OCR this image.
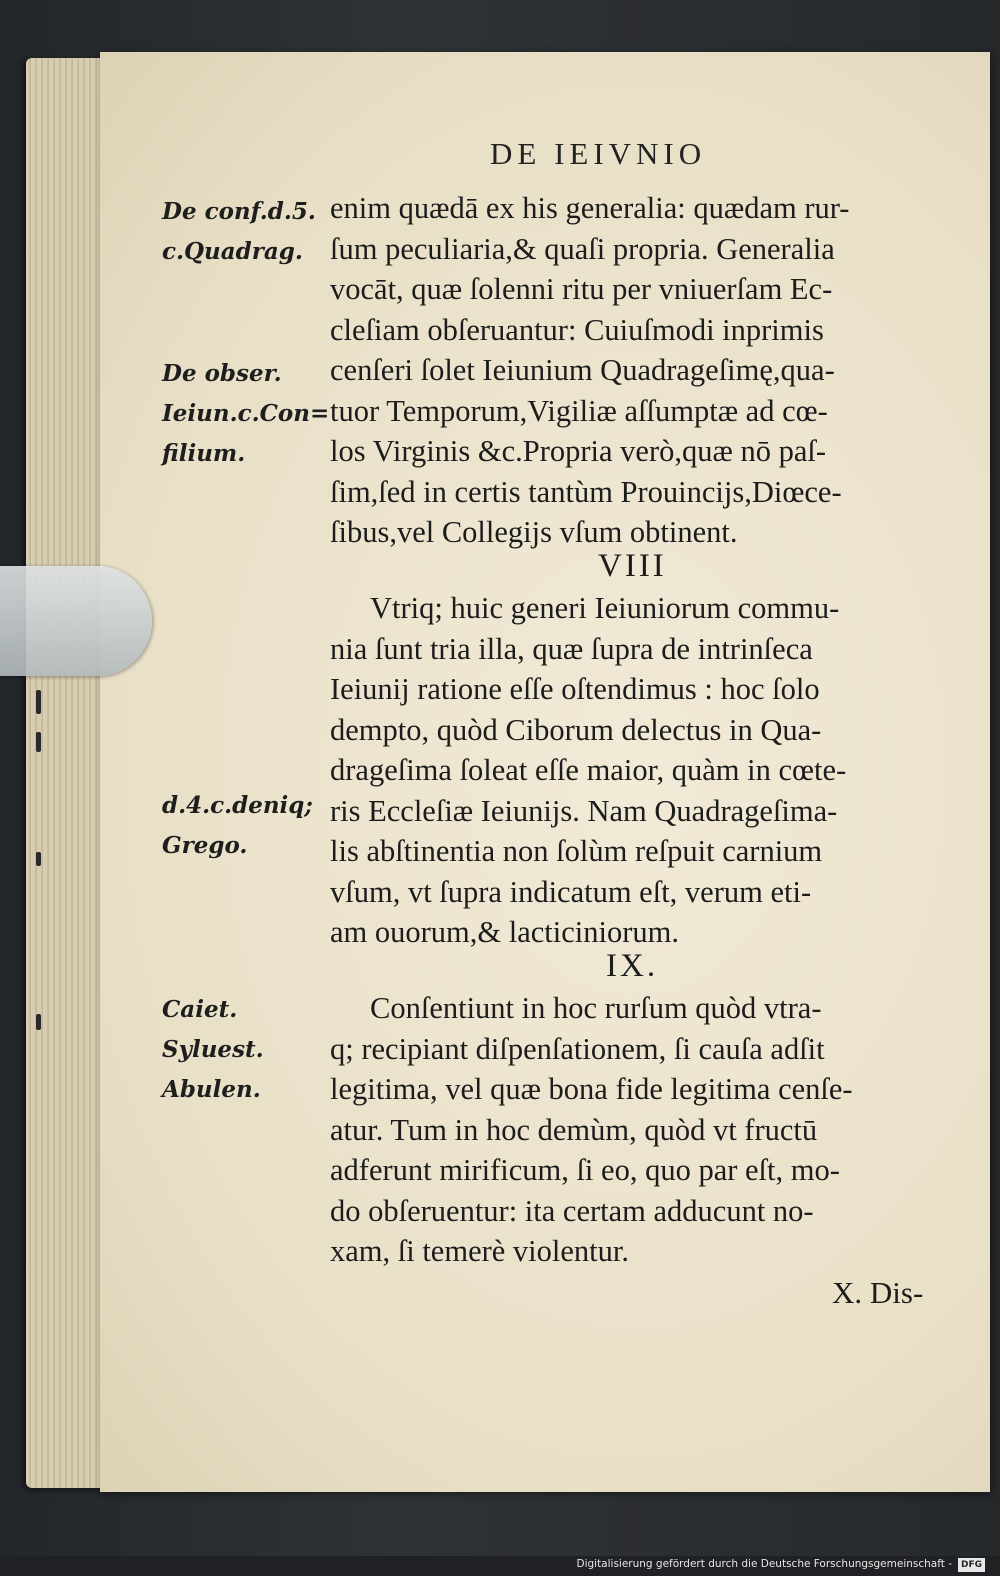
DE IEIVNIO
De conf.d.5.
c.Quadrag.
De obser.
Ieiun.c.Con=
filium.
d.4.c.deniq;
Grego.
Caiet.
Syluest.
Abulen.
enim quædā ex his generalia: quædam rur-
ſum peculiaria,& quaſi propria. Generalia
vocāt, quæ ſolenni ritu per vniuerſam Ec-
cleſiam obſeruantur: Cuiuſmodi inprimis
cenſeri ſolet Ieiunium Quadrageſimę,qua-
tuor Temporum,Vigiliæ aſſumptæ ad cœ-
los Virginis &c.Propria verò,quæ nō paſ-
ſim,ſed in certis tantùm Prouincijs,Diœce-
ſibus,vel Collegijs vſum obtinent.
VIII
Vtriq; huic generi Ieiuniorum commu-
nia ſunt tria illa, quæ ſupra de intrinſeca
Ieiunij ratione eſſe oſtendimus : hoc ſolo
dempto, quòd Ciborum delectus in Qua-
drageſima ſoleat eſſe maior, quàm in cœte-
ris Eccleſiæ Ieiunijs. Nam Quadrageſima-
lis abſtinentia non ſolùm reſpuit carnium
vſum, vt ſupra indicatum eſt, verum eti-
am ouorum,& lacticiniorum.
IX.
Conſentiunt in hoc rurſum quòd vtra-
q; recipiant diſpenſationem, ſi cauſa adſit
legitima, vel quæ bona fide legitima cenſe-
atur. Tum in hoc demùm, quòd vt fructū
adferunt mirificum, ſi eo, quo par eſt, mo-
do obſeruentur: ita certam adducunt no-
xam, ſi temerè violentur.
X. Dis-
Digitalisierung gefördert durch die Deutsche Forschungsgemeinschaft -	DFG
